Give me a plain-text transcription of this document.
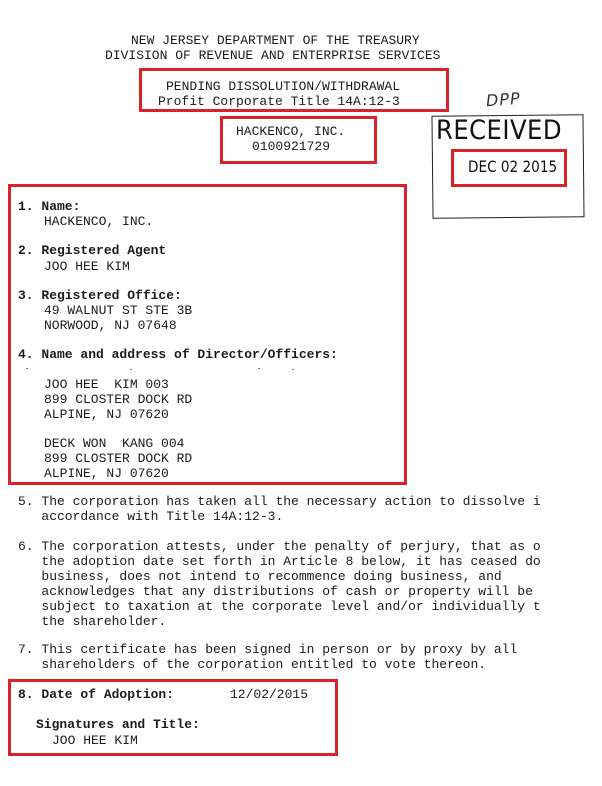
NEW JERSEY DEPARTMENT OF THE TREASURY
DIVISION OF REVENUE AND ENTERPRISE SERVICES
PENDING DISSOLUTION/WITHDRAWAL
Profit Corporate Title 14A:12-3
HACKENCO, INC.
0100921729
DPP
RECEIVED
DEC 02 2015
1. Name:
HACKENCO, INC.
2. Registered Agent
JOO HEE KIM
3. Registered Office:
49 WALNUT ST STE 3B
NORWOOD, NJ 07648
4. Name and address of Director/Officers:
JOO HEE  KIM 003
899 CLOSTER DOCK RD
ALPINE, NJ 07620
DECK WON  KANG 004
899 CLOSTER DOCK RD
ALPINE, NJ 07620
5. The corporation has taken all the necessary action to dissolve i
accordance with Title 14A:12-3.
6. The corporation attests, under the penalty of perjury, that as o
the adoption date set forth in Article 8 below, it has ceased do
business, does not intend to recommence doing business, and
acknowledges that any distributions of cash or property will be
subject to taxation at the corporate level and/or individually t
the shareholder.
7. This certificate has been signed in person or by proxy by all
shareholders of the corporation entitled to vote thereon.
8. Date of Adoption:	12/02/2015
Signatures and Title:
JOO HEE KIM
